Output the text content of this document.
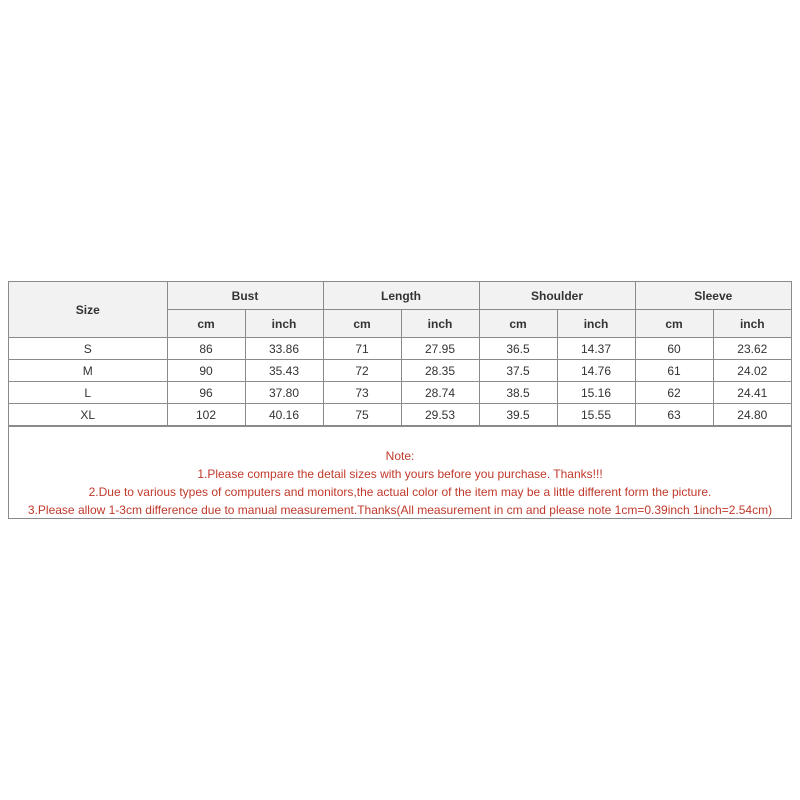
Size	Bust		Length		Shoulder		Sleeve	
	cm	inch	cm	inch	cm	inch	cm	inch
S	86	33.86	71	27.95	36.5	14.37	60	23.62
M	90	35.43	72	28.35	37.5	14.76	61	24.02
L	96	37.80	73	28.74	38.5	15.16	62	24.41
XL	102	40.16	75	29.53	39.5	15.55	63	24.80
Note:
1.Please compare the detail sizes with yours before you purchase. Thanks!!!
2.Due to various types of computers and monitors,the actual color of the item may be a little different form the picture.
3.Please allow 1-3cm difference due to manual measurement.Thanks(All measurement in cm and please note 1cm=0.39inch 1inch=2.54cm)
